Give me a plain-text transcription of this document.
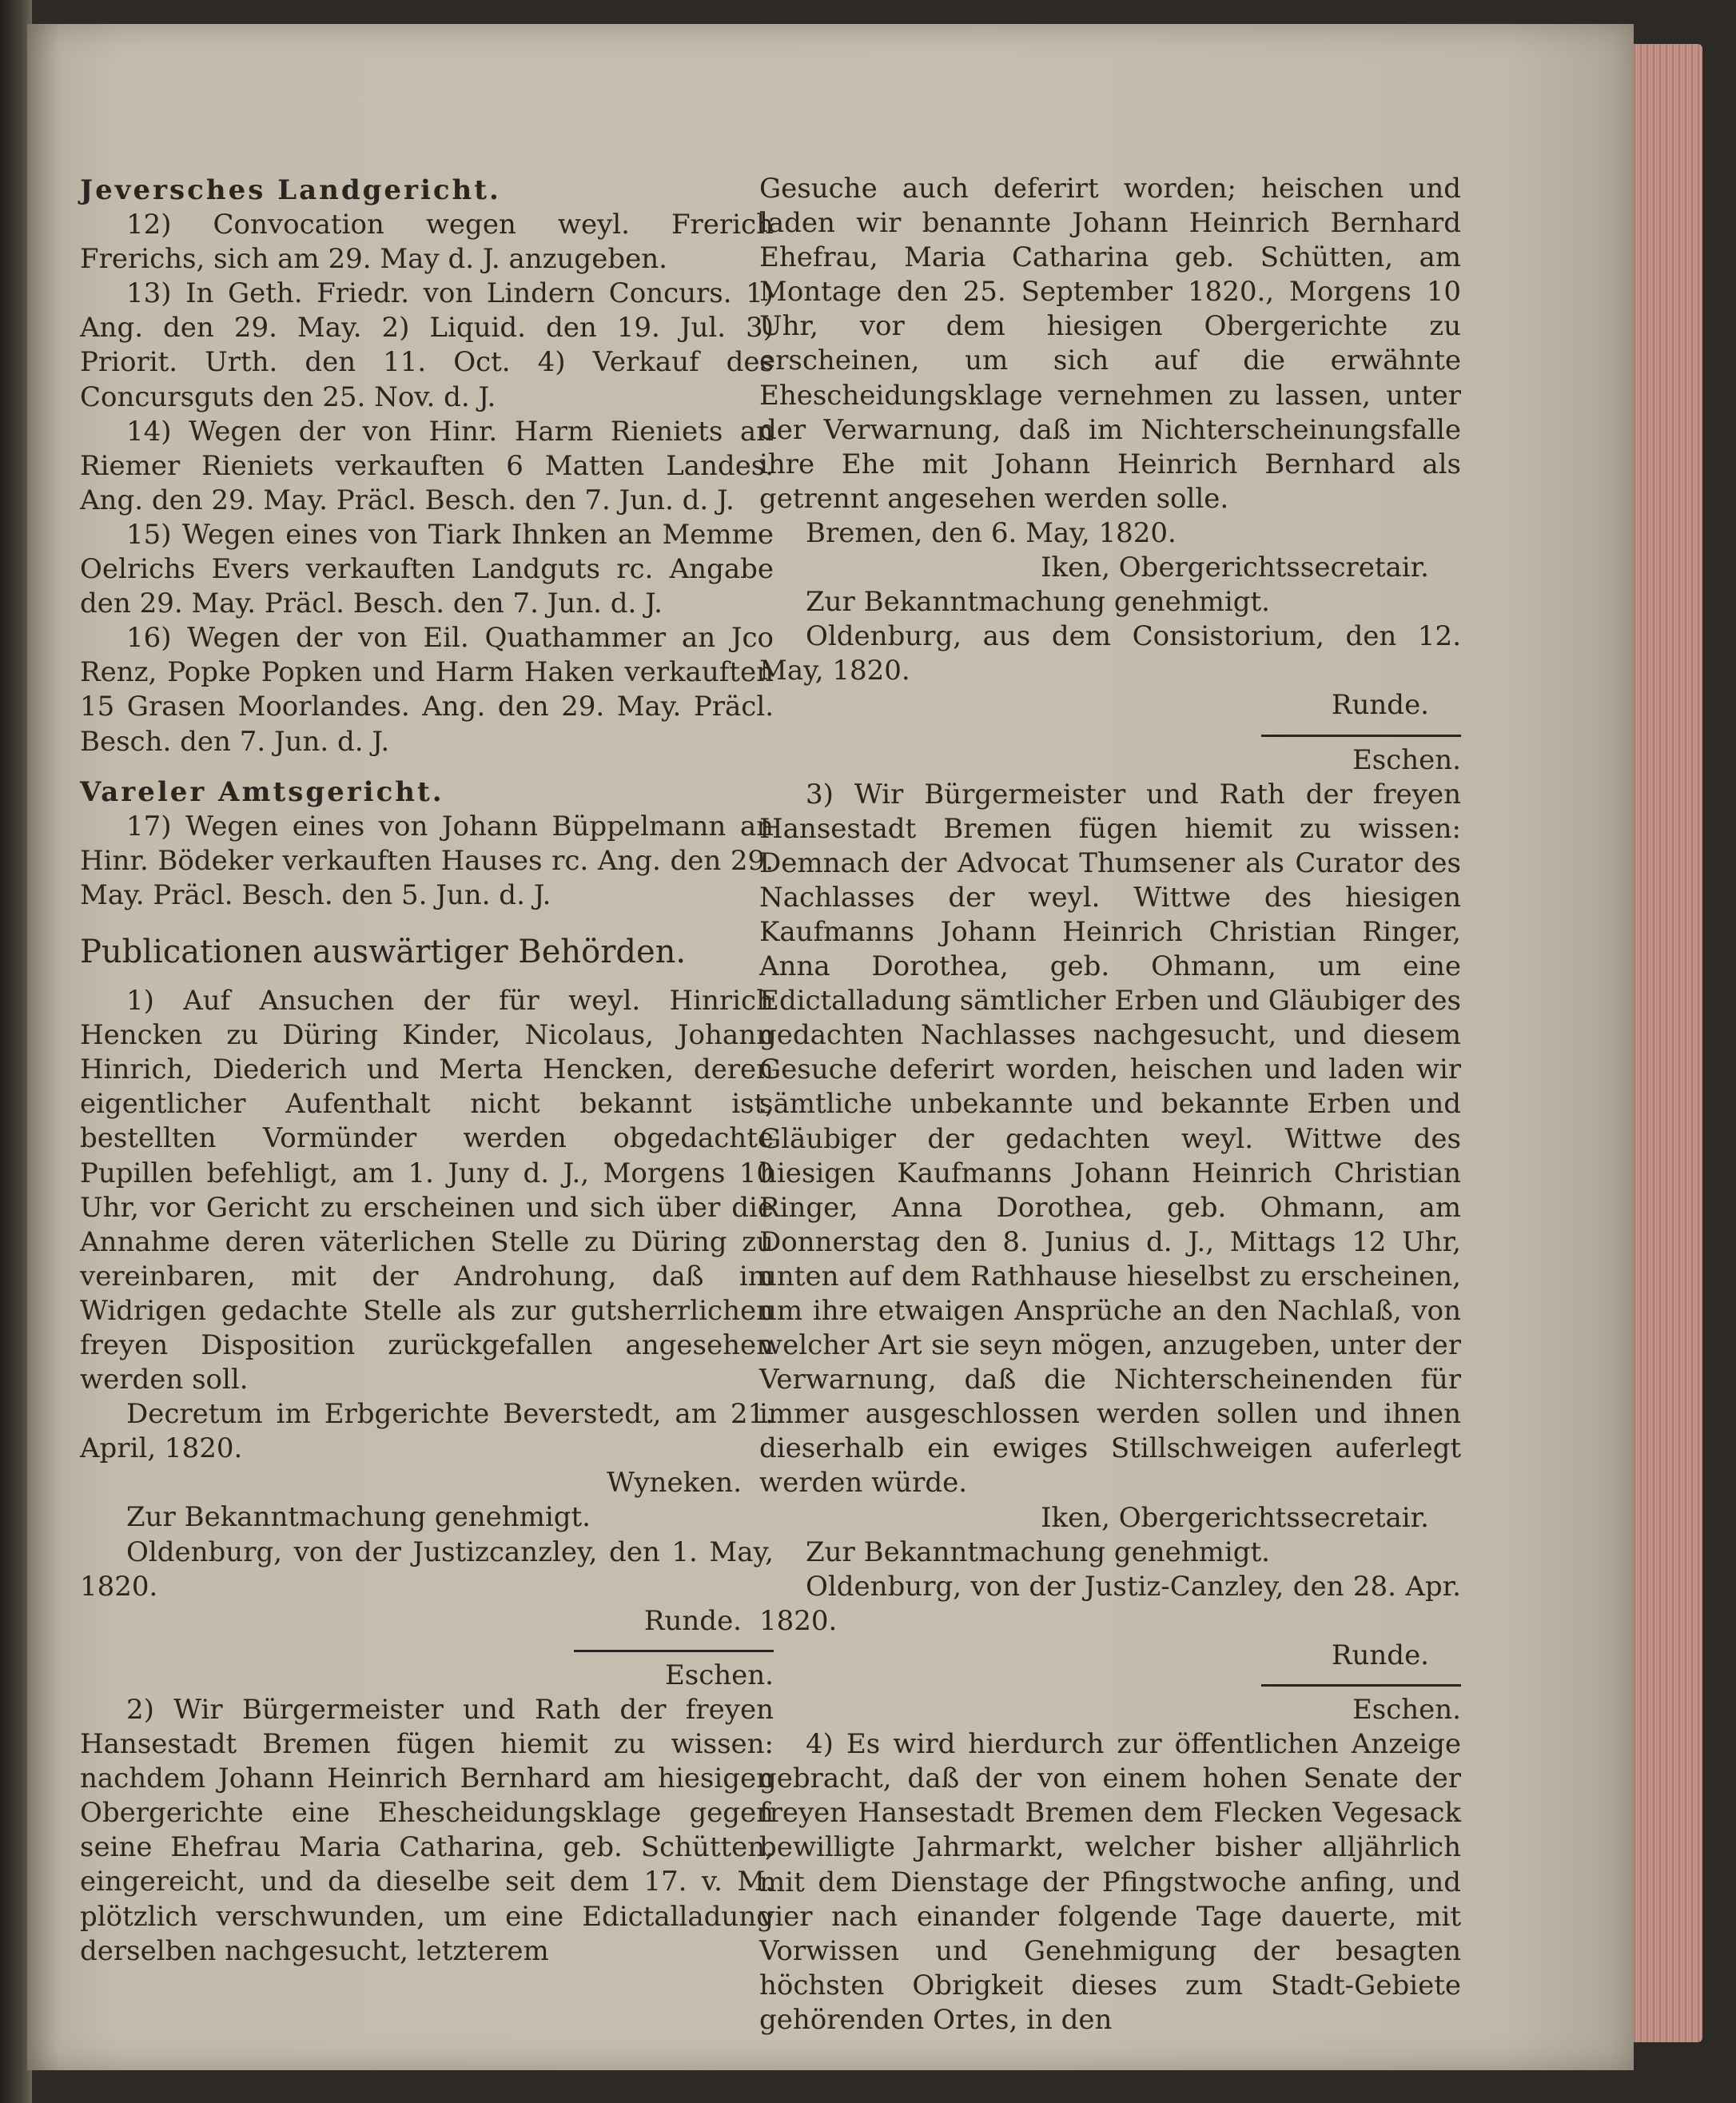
Jeversches Landgericht.

12) Convocation wegen weyl. Frerich Frerichs, sich am 29. May d. J. anzugeben.

13) In Geth. Friedr. von Lindern Concurs. 1) Ang. den 29. May. 2) Liquid. den 19. Jul. 3) Priorit. Urth. den 11. Oct. 4) Verkauf des Concursguts den 25. Nov. d. J.

14) Wegen der von Hinr. Harm Rieniets an Riemer Rieniets verkauften 6 Matten Landes. Ang. den 29. May. Präcl. Besch. den 7. Jun. d. J.

15) Wegen eines von Tiark Ihnken an Memme Oelrichs Evers verkauften Landguts rc. Angabe den 29. May. Präcl. Besch. den 7. Jun. d. J.

16) Wegen der von Eil. Quathammer an Jco Renz, Popke Popken und Harm Haken verkauften 15 Grasen Moorlandes. Ang. den 29. May. Präcl. Besch. den 7. Jun. d. J.

Vareler Amtsgericht.

17) Wegen eines von Johann Büppelmann an Hinr. Bödeker verkauften Hauses rc. Ang. den 29. May. Präcl. Besch. den 5. Jun. d. J.

Publicationen auswärtiger Behörden.

1) Auf Ansuchen der für weyl. Hinrich Hencken zu Düring Kinder, Nicolaus, Johann Hinrich, Diederich und Merta Hencken, deren eigentlicher Aufenthalt nicht bekannt ist, bestellten Vormünder werden obgedachte Pupillen befehligt, am 1. Juny d. J., Morgens 10 Uhr, vor Gericht zu erscheinen und sich über die Annahme deren väterlichen Stelle zu Düring zu vereinbaren, mit der Androhung, daß im Widrigen gedachte Stelle als zur gutsherrlichen freyen Disposition zurückgefallen angesehen werden soll.

Decretum im Erbgerichte Beverstedt, am 21. April, 1820.

Wyneken.

Zur Bekanntmachung genehmigt.

Oldenburg, von der Justizcanzley, den 1. May, 1820.

Runde.

Eschen.

2) Wir Bürgermeister und Rath der freyen Hansestadt Bremen fügen hiemit zu wissen: nachdem Johann Heinrich Bernhard am hiesigen Obergerichte eine Ehescheidungsklage gegen seine Ehefrau Maria Catharina, geb. Schütten, eingereicht, und da dieselbe seit dem 17. v. M. plötzlich verschwunden, um eine Edictalladung derselben nachgesucht, letzterem

Gesuche auch deferirt worden; heischen und laden wir benannte Johann Heinrich Bernhard Ehefrau, Maria Catharina geb. Schütten, am Montage den 25. September 1820., Morgens 10 Uhr, vor dem hiesigen Obergerichte zu erscheinen, um sich auf die erwähnte Ehescheidungsklage vernehmen zu lassen, unter der Verwarnung, daß im Nichterscheinungsfalle ihre Ehe mit Johann Heinrich Bernhard als getrennt angesehen werden solle.

Bremen, den 6. May, 1820.

Iken, Obergerichtssecretair.

Zur Bekanntmachung genehmigt.

Oldenburg, aus dem Consistorium, den 12. May, 1820.

Runde.

Eschen.

3) Wir Bürgermeister und Rath der freyen Hansestadt Bremen fügen hiemit zu wissen: Demnach der Advocat Thumsener als Curator des Nachlasses der weyl. Wittwe des hiesigen Kaufmanns Johann Heinrich Christian Ringer, Anna Dorothea, geb. Ohmann, um eine Edictalladung sämtlicher Erben und Gläubiger des gedachten Nachlasses nachgesucht, und diesem Gesuche deferirt worden, heischen und laden wir sämtliche unbekannte und bekannte Erben und Gläubiger der gedachten weyl. Wittwe des hiesigen Kaufmanns Johann Heinrich Christian Ringer, Anna Dorothea, geb. Ohmann, am Donnerstag den 8. Junius d. J., Mittags 12 Uhr, unten auf dem Rathhause hieselbst zu erscheinen, um ihre etwaigen Ansprüche an den Nachlaß, von welcher Art sie seyn mögen, anzugeben, unter der Verwarnung, daß die Nichterscheinenden für immer ausgeschlossen werden sollen und ihnen dieserhalb ein ewiges Stillschweigen auferlegt werden würde.

Iken, Obergerichtssecretair.

Zur Bekanntmachung genehmigt.

Oldenburg, von der Justiz-Canzley, den 28. Apr. 1820.

Runde.

Eschen.

4) Es wird hierdurch zur öffentlichen Anzeige gebracht, daß der von einem hohen Senate der freyen Hansestadt Bremen dem Flecken Vegesack bewilligte Jahrmarkt, welcher bisher alljährlich mit dem Dienstage der Pfingstwoche anfing, und vier nach einander folgende Tage dauerte, mit Vorwissen und Genehmigung der besagten höchsten Obrigkeit dieses zum Stadt-Gebiete gehörenden Ortes, in den
